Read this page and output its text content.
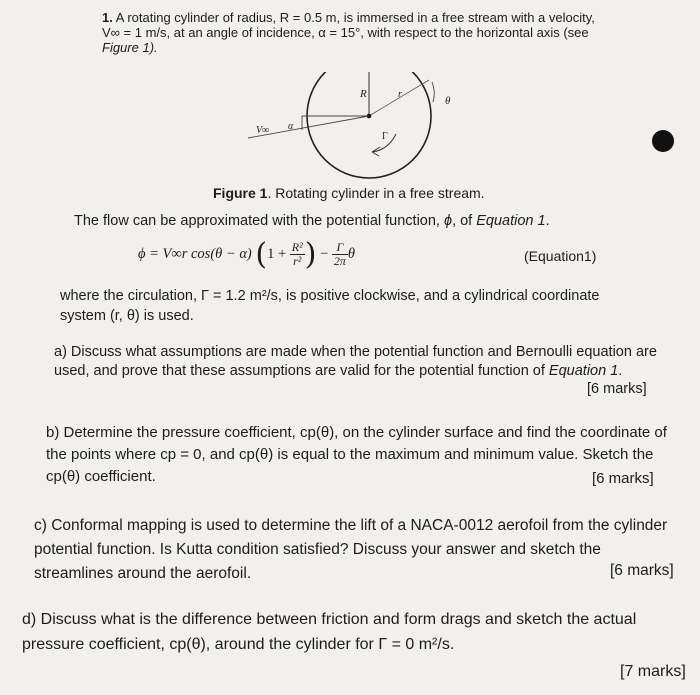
1. A rotating cylinder of radius, R = 0.5 m, is immersed in a free stream with a velocity,
V∞ = 1 m/s, at an angle of incidence, α = 15°, with respect to the horizontal axis (see
Figure 1).
R	r
θ
α
V∞
Γ
Figure 1. Rotating cylinder in a free stream.
The flow can be approximated with the potential function, ϕ, of Equation 1.
ϕ = V∞r cos(θ − α) ($1 + \frac{\text{R²}}{\text{r²}}$ ) − $\frac{\Gamma}{2\pi}$ θ	(Equation1)
where the circulation, Γ = 1.2 m²/s, is positive clockwise, and a cylindrical coordinate
system (r, θ) is used.
a) Discuss what assumptions are made when the potential function and Bernoulli equation are used, and prove that these assumptions are valid for the potential function of Equation 1.
[6 marks]
b) Determine the pressure coefficient, cp(θ), on the cylinder surface and find the coordinate of the points where cp = 0, and cp(θ) is equal to the maximum and minimum value. Sketch the cp(θ) coefficient.	[6 marks]
c) Conformal mapping is used to determine the lift of a NACA-0012 aerofoil from the cylinder potential function. Is Kutta condition satisfied? Discuss your answer and sketch the streamlines around the aerofoil.	[6 marks]
d) Discuss what is the difference between friction and form drags and sketch the actual pressure coefficient, cp(θ), around the cylinder for Γ = 0 m²/s.
[7 marks]
